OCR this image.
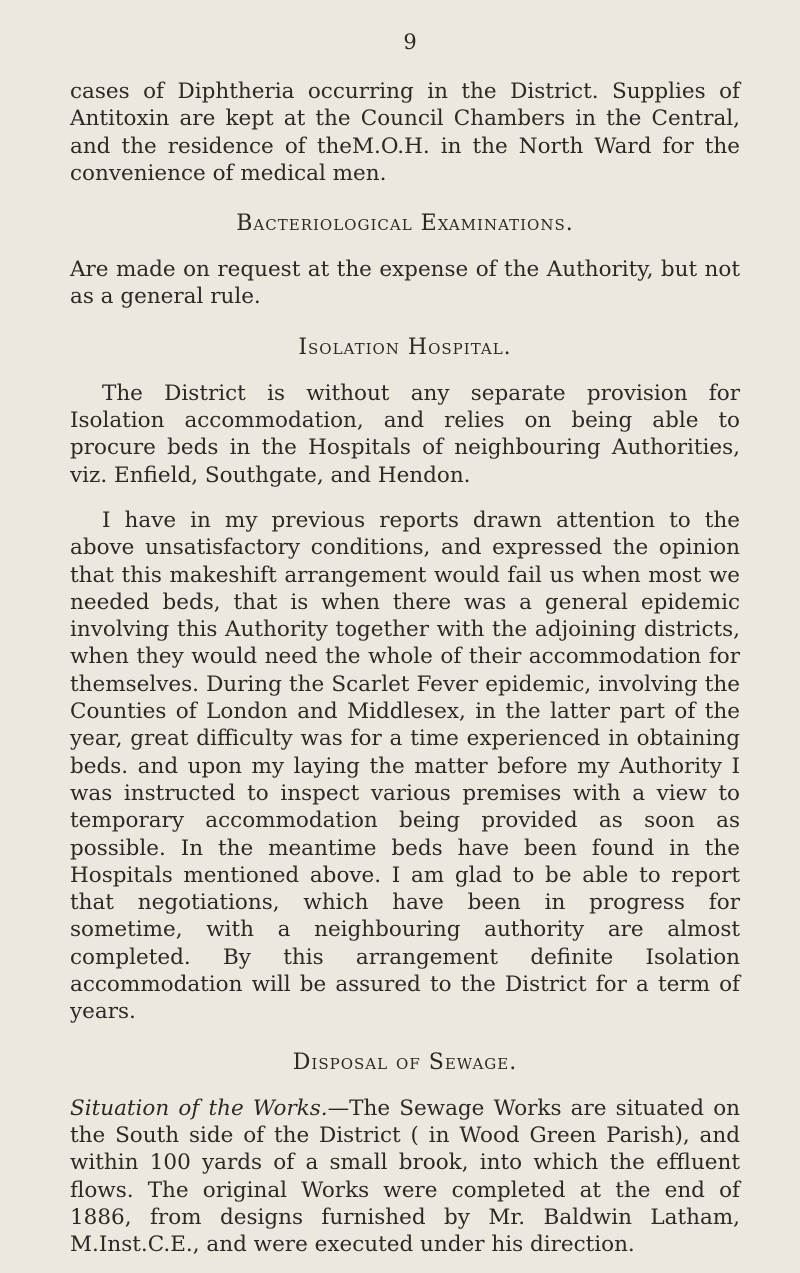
9

cases of Diphtheria occurring in the District. Supplies of Antitoxin are kept at the Council Chambers in the Central, and the residence of theM.O.H. in the North Ward for the convenience of medical men.

Bacteriological Examinations.

Are made on request at the expense of the Authority, but not as a general rule.

Isolation Hospital.

The District is without any separate provision for Isolation accommodation, and relies on being able to procure beds in the Hospitals of neighbouring Authorities, viz. Enfield, Southgate, and Hendon.

I have in my previous reports drawn attention to the above unsatisfactory conditions, and expressed the opinion that this makeshift arrangement would fail us when most we needed beds, that is when there was a general epidemic involving this Authority together with the adjoining districts, when they would need the whole of their accommodation for themselves. During the Scarlet Fever epidemic, involving the Counties of London and Middlesex, in the latter part of the year, great difficulty was for a time experienced in obtaining beds. and upon my laying the matter before my Authority I was instructed to inspect various premises with a view to temporary accommodation being provided as soon as possible. In the meantime beds have been found in the Hospitals mentioned above. I am glad to be able to report that negotiations, which have been in progress for sometime, with a neighbouring authority are almost completed. By this arrangement definite Isolation accommodation will be assured to the District for a term of years.

Disposal of Sewage.

Situation of the Works.—The Sewage Works are situated on the South side of the District ( in Wood Green Parish), and within 100 yards of a small brook, into which the effluent flows. The original Works were completed at the end of 1886, from designs furnished by Mr. Baldwin Latham, M.Inst.C.E., and were executed under his direction.
